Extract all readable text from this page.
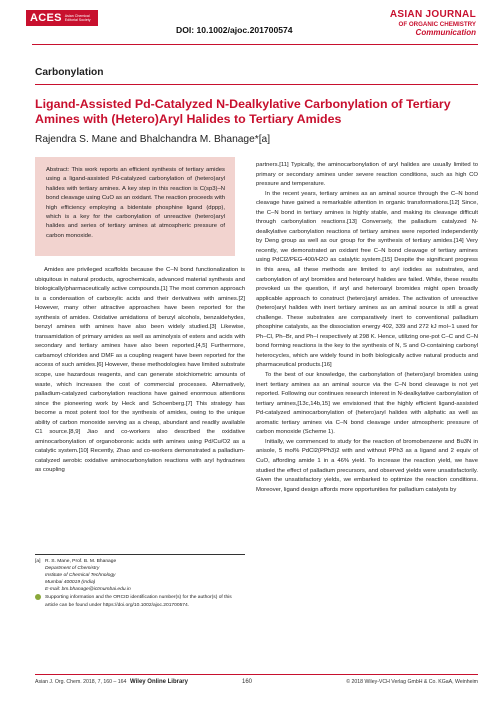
ACES Asian Chemical Editorial Society
DOI: 10.1002/ajoc.201700574
ASIAN JOURNAL
OF ORGANIC CHEMISTRY
Communication
Carbonylation
Ligand-Assisted Pd-Catalyzed N-Dealkylative Carbonylation of Tertiary Amines with (Hetero)Aryl Halides to Tertiary Amides
Rajendra S. Mane and Bhalchandra M. Bhanage*[a]
Abstract: This work reports an efficient synthesis of tertiary amides using a ligand-assisted Pd-catalyzed carbonylation of (hetero)aryl halides with tertiary amines. A key step in this reaction is C(sp3)–N bond cleavage using CuO as an oxidant. The reaction proceeds with high efficiency employing a bidentate phosphine ligand (dppp), which is a key for the carbonylation of unreactive (hetero)aryl halides and series of tertiary amines at atmospheric pressure of carbon monoxide.

Amides are privileged scaffolds because the C–N bond functionalization is ubiquitous in natural products, agrochemicals, advanced material synthesis and biologically/pharmaceutically active compounds.[1] The most common approach is a condensation of carboxylic acids and their derivatives with amines.[2] However, many other attractive approaches have been reported for the synthesis of amides. Oxidative amidations of benzyl alcohols, benzaldehydes, benzyl amines with amines have also been widely studied.[3] Likewise, transamidation of primary amides as well as aminolysis of esters and acids with secondary and tertiary amines have also been reported.[4,5] Furthermore, carbamoyl chlorides and DMF as a coupling reagent have been reported for the access of such amides.[6] However, these methodologies have limited substrate scope, use hazardous reagents, and can generate stoichiometric amounts of waste, which increases the cost of commercial processes. Alternatively, palladium-catalyzed carbonylation reactions have gained enormous attentions since the pioneering work by Heck and Schoenberg.[7] This strategy has become a most potent tool for the synthesis of amides, owing to the unique ability of carbon monoxide serving as a cheap, abundant and readily available C1 source.[8,9] Jiao and co-workers also described the oxidative aminocarbonylation of organoboronic acids with amines using Pd/Cu/O2 as a catalytic system.[10] Recently, Zhao and co-workers demonstrated a palladium-catalyzed aerobic oxidative aminocarbonylation reactions with aryl hydrazines as coupling

partners.[11] Typically, the aminocarbonylation of aryl halides are usually limited to primary or secondary amines under severe reaction conditions, such as high CO pressure and temperature.

In the recent years, tertiary amines as an aminal source through the C–N bond cleavage have gained a remarkable attention in organic transformations.[12] Since, the C–N bond in tertiary amines is highly stable, and making its cleavage difficult through carbonylation reactions.[13] Conversely, the palladium catalyzed N-dealkylative carbonylation reactions of tertiary amines were reported independently by Deng group as well as our group for the synthesis of tertiary amides.[14] Very recently, we demonstrated an oxidant free C–N bond cleavage of tertiary amines using PdCl2/PEG-400/H2O as catalytic system.[15] Despite the significant progress in this area, all these methods are limited to aryl iodides as substrates, and carbonylation of aryl bromides and heteroaryl halides are failed. While, these results provoked us the question, if aryl and heteroaryl bromides might open broadly applicable approach to construct (hetero)aryl amides. The activation of unreactive (hetero)aryl halides with inert tertiary amines as an aminal source is still a great challenge. These substrates are comparatively inert to conventional palladium phosphine catalysts, as the dissociation energy 402, 339 and 272 kJ mol−1 used for Ph–Cl, Ph–Br, and Ph–I respectively at 298 K. Hence, utilizing one-pot C–C and C–N bond forming reactions is the key to the synthesis of N, S and O-containing carbonyl heterocycles, which are widely found in both biologically active natural products and pharmaceutical products.[16]

To the best of our knowledge, the carbonylation of (hetero)aryl bromides using inert tertiary amines as an aminal source via the C–N bond cleavage is not yet reported. Following our continues research interest in N-dealkylative carbonylation of tertiary amines,[13c,14b,15] we envisioned that the highly efficient ligand-assisted Pd-catalyzed aminocarbonylation of (hetero)aryl halides with aliphatic as well as aromatic tertiary amines via C–N bond cleavage under atmospheric pressure of carbon monoxide (Scheme 1).

Initially, we commenced to study for the reaction of bromobenzene and Bu3N in anisole, 5 mol% PdCl2(PPh3)2 with and without PPh3 as a ligand and 2 equiv of CuO, affording amide 1 in a 46% yield. To increase the reaction yield, we have studied the effect of palladium precursors, and observed yields were unsatisfactorily. Given the unsatisfactory yields, we embarked to optimize the reaction conditions. Moreover, ligand design affords more opportunities for palladium catalysts by

[a] R. S. Mane, Prof. B. M. Bhanage
Department of Chemistry
Institute of Chemical Technology
Mumbai 400019 (India)
E-mail: bm.bhanage@ictmumbai.edu.in
Supporting information and the ORCID identification number(s) for the author(s) of this article can be found under https://doi.org/10.1002/ajoc.201700574.
Asian J. Org. Chem. 2018, 7, 160 – 164 Wiley Online Library	160	© 2018 Wiley-VCH Verlag GmbH & Co. KGaA, Weinheim
